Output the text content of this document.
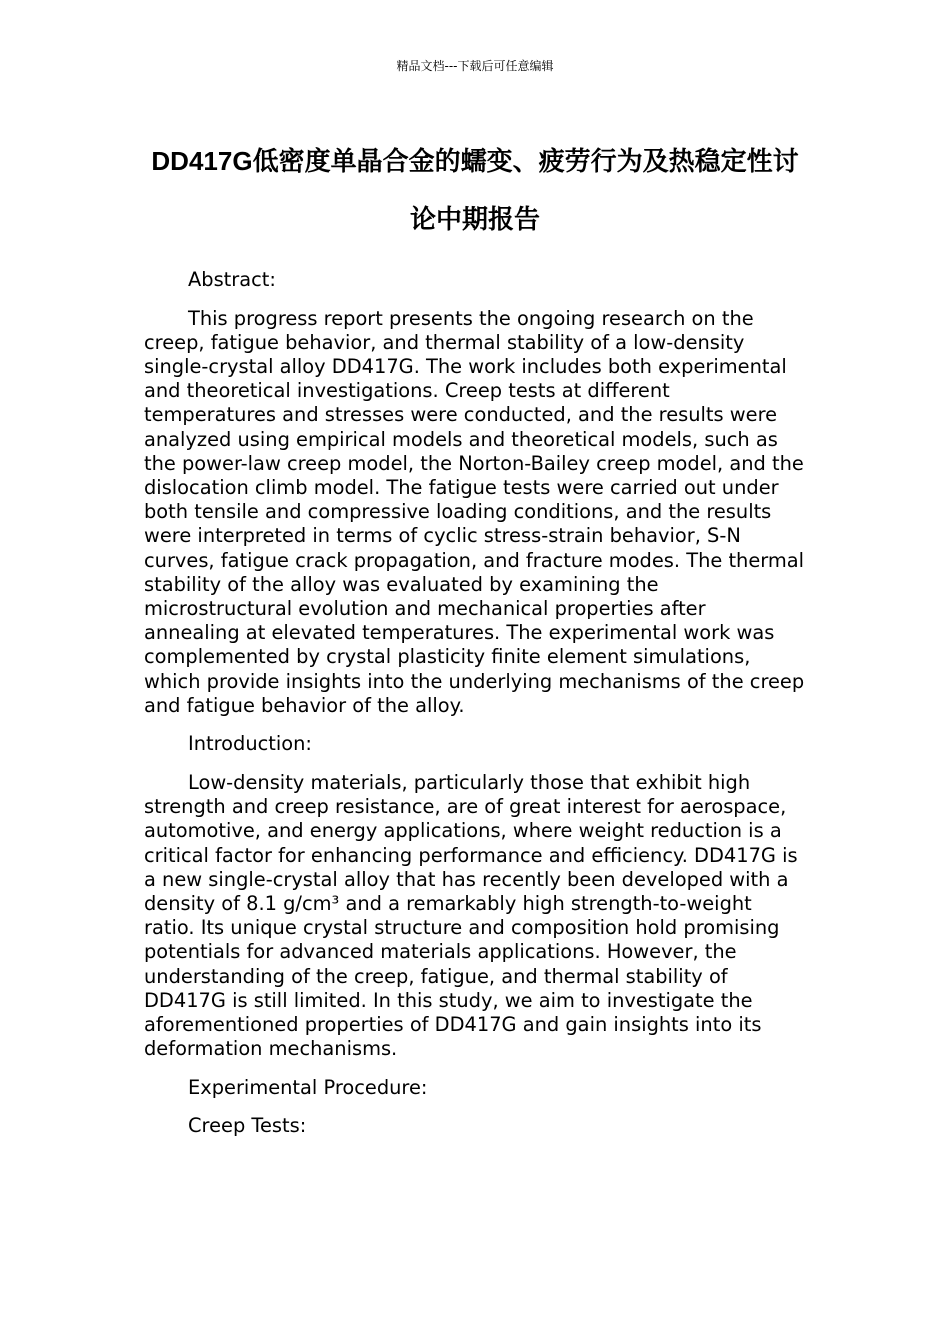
精品文档---下载后可任意编辑
DD417G低密度单晶合金的蠕变、疲劳行为及热稳定性讨论中期报告

Abstract:

This progress report presents the ongoing research on the creep, fatigue behavior, and thermal stability of a low-density single-crystal alloy DD417G. The work includes both experimental and theoretical investigations. Creep tests at different temperatures and stresses were conducted, and the results were analyzed using empirical models and theoretical models, such as the power-law creep model, the Norton-Bailey creep model, and the dislocation climb model. The fatigue tests were carried out under both tensile and compressive loading conditions, and the results were interpreted in terms of cyclic stress-strain behavior, S-N curves, fatigue crack propagation, and fracture modes. The thermal stability of the alloy was evaluated by examining the microstructural evolution and mechanical properties after annealing at elevated temperatures. The experimental work was complemented by crystal plasticity finite element simulations, which provide insights into the underlying mechanisms of the creep and fatigue behavior of the alloy.

Introduction:

Low-density materials, particularly those that exhibit high strength and creep resistance, are of great interest for aerospace, automotive, and energy applications, where weight reduction is a critical factor for enhancing performance and efficiency. DD417G is a new single-crystal alloy that has recently been developed with a density of 8.1 g/cm³ and a remarkably high strength-to-weight ratio. Its unique crystal structure and composition hold promising potentials for advanced materials applications. However, the understanding of the creep, fatigue, and thermal stability of DD417G is still limited. In this study, we aim to investigate the aforementioned properties of DD417G and gain insights into its deformation mechanisms.

Experimental Procedure:

Creep Tests:
